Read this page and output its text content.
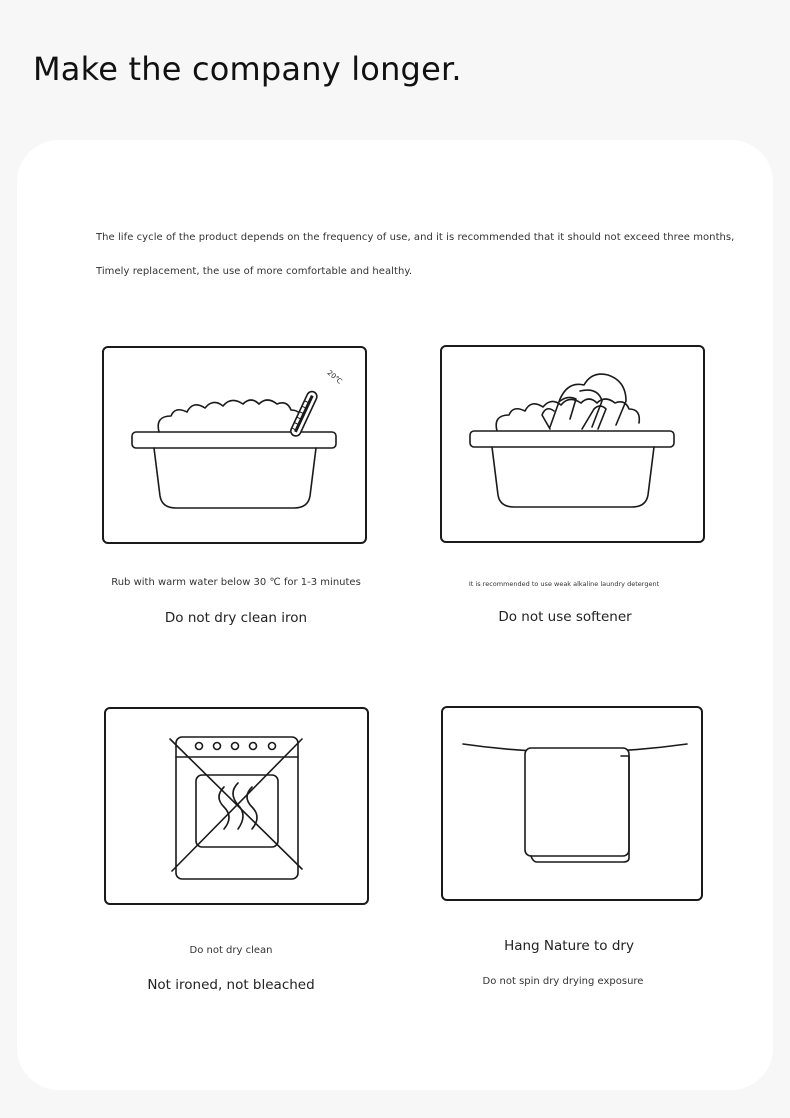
Make the company longer.
The life cycle of the product depends on the frequency of use, and it is recommended that it should not exceed three months,
Timely replacement, the use of more comfortable and healthy.
20℃
Rub with warm water below 30 ℃ for 1-3 minutes
Do not dry clean iron
It is recommended to use weak alkaline laundry detergent
Do not use softener
Do not dry clean
Not ironed, not bleached
Hang Nature to dry
Do not spin dry drying exposure
